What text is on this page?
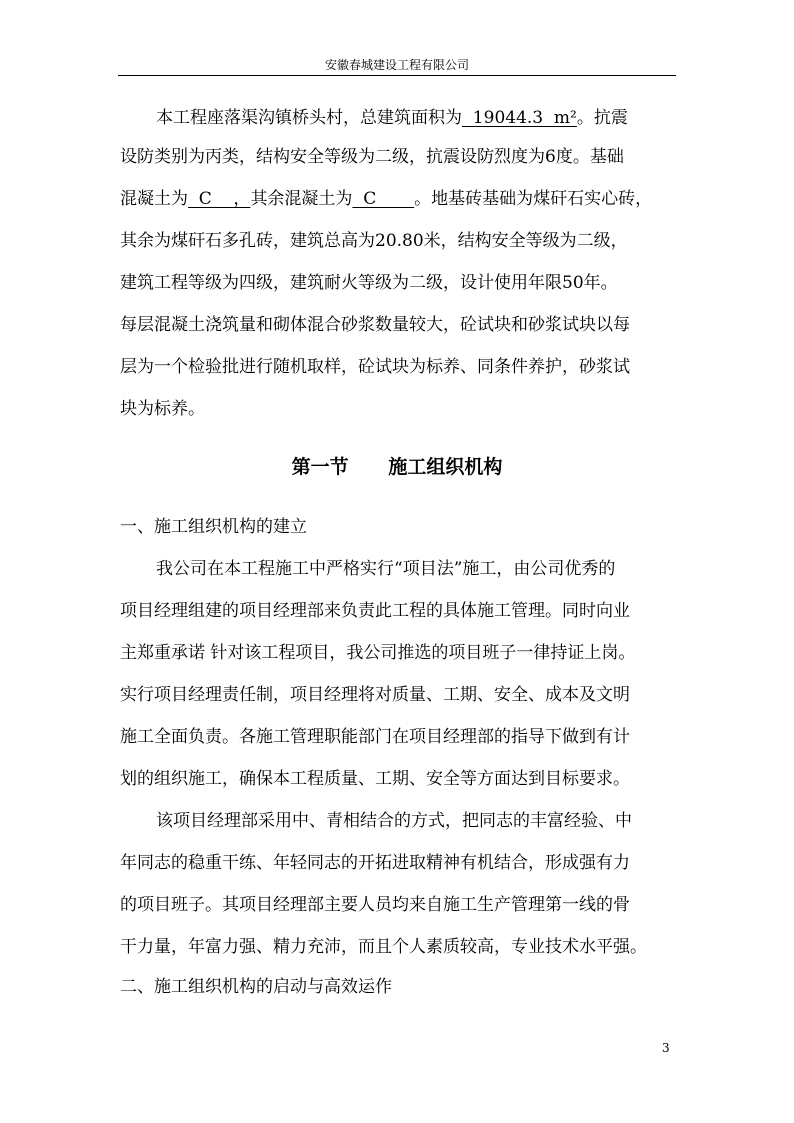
安徽春城建设工程有限公司
本工程座落渠沟镇桥头村，总建筑面积为  19044.3  m²。抗震
设防类别为丙类，结构安全等级为二级，抗震设防烈度为6度。基础
混凝土为  C    ，其余混凝土为  C       。地基砖基础为煤矸石实心砖，
其余为煤矸石多孔砖，建筑总高为20.80米，结构安全等级为二级，
建筑工程等级为四级，建筑耐火等级为二级，设计使用年限50年。
每层混凝土浇筑量和砌体混合砂浆数量较大，砼试块和砂浆试块以每
层为一个检验批进行随机取样，砼试块为标养、同条件养护，砂浆试
块为标养。
第一节      施工组织机构
一、施工组织机构的建立
我公司在本工程施工中严格实行“项目法”施工，由公司优秀的
项目经理组建的项目经理部来负责此工程的具体施工管理。同时向业
主郑重承诺 针对该工程项目，我公司推选的项目班子一律持证上岗。
实行项目经理责任制，项目经理将对质量、工期、安全、成本及文明
施工全面负责。各施工管理职能部门在项目经理部的指导下做到有计
划的组织施工，确保本工程质量、工期、安全等方面达到目标要求。
该项目经理部采用中、青相结合的方式，把同志的丰富经验、中
年同志的稳重干练、年轻同志的开拓进取精神有机结合，形成强有力
的项目班子。其项目经理部主要人员均来自施工生产管理第一线的骨
干力量，年富力强、精力充沛，而且个人素质较高，专业技术水平强。
二、施工组织机构的启动与高效运作
3
